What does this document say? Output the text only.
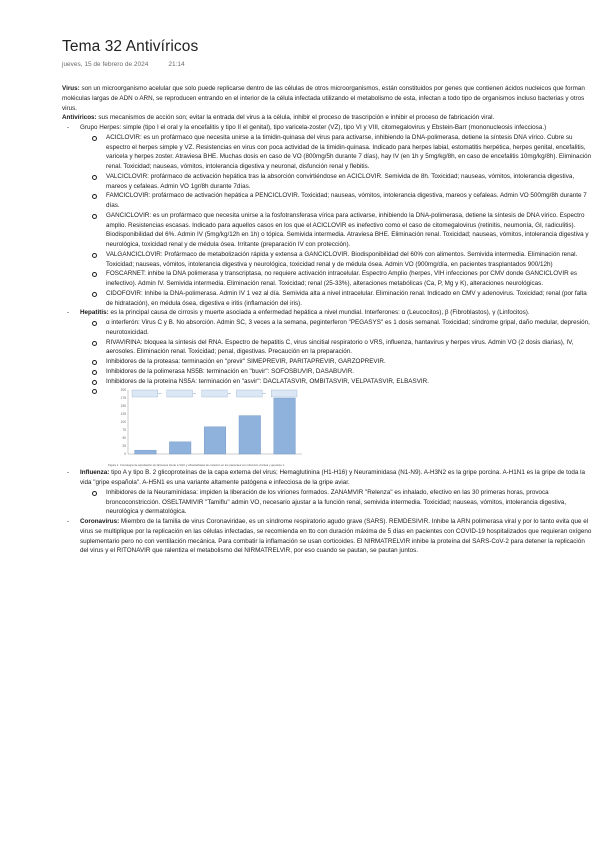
Tema 32 Antivíricos
jueves, 15 de febrero de 2024	21:14

Virus: son un microorganismo acelular que solo puede replicarse dentro de las células de otros microorganismos, están constituidos por genes que contienen ácidos nucleicos que forman moléculas largas de ADN o ARN, se reproducen entrando en el interior de la célula infectada utilizando el metabolismo de esta, infectan a todo tipo de organismos incluso bacterias y otros virus.

Antivíricos: sus mecanismos de acción son; evitar la entrada del virus a la célula, inhibir el proceso de trascripción e inhibir el proceso de fabricación viral.

- Grupo Herpes: simple (tipo I el oral y la encefalitis y tipo II el genital), tipo varicela-zoster (VZ), tipo VI y VIII, citomegalovirus y Ebstein-Barr (mononucleosis infecciosa.)
ACICLOVIR: es un profármaco que necesita unirse a la timidin-quinasa del virus para activarse, inhibiendo la DNA-polimerasa, detiene la síntesis DNA vírico. Cubre su espectro el herpes simple y VZ. Resistencias en virus con poca actividad de la timidin-quinasa. Indicado para herpes labial, estomatitis herpética, herpes genital, encefalitis, varicela y herpes zoster. Atraviesa BHE. Muchas dosis en caso de VO (800mg/5h durante 7 días), hay IV (en 1h y 5mg/kg/8h, en caso de encefalitis 10mg/kg/8h). Eliminación renal. Toxicidad; nauseas, vómitos, intolerancia digestiva y neuronal, disfunción renal y flebitis.
VALCICLOVIR: profármaco de activación hepática tras la absorción convirtiéndose en ACICLOVIR. Semivida de 8h. Toxicidad; nauseas, vómitos, intolerancia digestiva, mareos y cefaleas. Admin VO 1gr/8h durante 7días.
FAMCICLOVIR: profármaco de activación hepática a PENCICLOVIR. Toxicidad; nauseas, vómitos, intolerancia digestiva, mareos y cefaleas. Admin VO 500mg/8h durante 7 días.
GANCICLOVIR: es un profármaco que necesita unirse a la fosfotransferasa vírica para activarse, inhibiendo la DNA-polimerasa, detiene la síntesis de DNA vírico. Espectro amplio. Resistencias escasas. Indicado para aquellos casos en los que el ACICLOVIR es inefectivo como el caso de citomegalovirus (retinitis, neumonía, GI, radiculitis). Biodisponibilidad del 6%. Admin IV (5mg/kg/12h en 1h) o tópica. Semivida intermedia. Atraviesa BHE. Eliminación renal. Toxicidad; nauseas, vómitos, intolerancia digestiva y neurológica, toxicidad renal y de médula ósea. Irritante (preparación IV con protección).
VALGANCICLOVIR: Profármaco de metabolización rápida y extensa a GANCICLOVIR. Biodisponibilidad del 60% con alimentos. Semivida intermedia. Eliminación renal. Toxicidad; nauseas, vómitos, intolerancia digestiva y neurológica, toxicidad renal y de médula ósea. Admin VO (900mg/día, en pacientes trasplantados 900/12h)
FOSCARNET: inhibe la DNA polimerasa y transcriptasa, no requiere activación intracelular. Espectro Amplio (herpes, VIH infecciones por CMV donde GANCICLOVIR es inefectivo). Admin IV. Semivida intermedia. Eliminación renal. Toxicidad; renal (25-33%), alteraciones metabólicas (Ca, P, Mg y K), alteraciones neurológicas.
CIDOFOVIR: Inhibe la DNA-polimerasa. Admin IV 1 vez al día. Semivida alta a nivel intracelular. Eliminación renal. Indicado en CMV y adenovirus. Toxicidad; renal (por falta de hidratación), en médula ósea, digestiva e iritis (inflamación del iris).
- Hepatitis: es la principal causa de cirrosis y muerte asociada a enfermedad hepática a nivel mundial. Interferones: α (Leucocitos), β (Fibroblastos), γ (Linfocitos).
α interferón: Virus C y B. No absorción. Admin SC, 3 veces a la semana, peginterferon "PEGASYS" es 1 dosis semanal. Toxicidad; síndrome gripal, daño medular, depresión, neurotoxicidad.
RIVAVIRINA: bloquea la síntesis del RNA. Espectro de hepatitis C, virus sincitial respiratorio o VRS, influenza, hantavirus y herpes virus. Admin VO (2 dosis diarias), IV, aerosoles. Eliminación renal. Toxicidad; penal, digestivas. Precaución en la preparación.
Inhibidores de la proteasa: terminación en "previr" SIMEPREVIR, PARITAPREVIR, GARZOPREVIR.
Inhibidores de la polimerasa NS5B: terminación en "buvir": SOFOSBUVIR, DASABUVIR.
Inhibidores de la proteína NS5A: terminación en "asvir": DACLATASVIR, OMBITASVIR, VELPATASVIR, ELBASVIR.
200
175
150
125
100
75
50
25
0
Figura 1. Cronología de aprobación de fármacos frente a VHC y eficacia/tasas de curación en los pacientes con infección crónica y genotipo 1.
- Influenza: tipo A y tipo B. 2 glicoproteínas de la capa externa del virus; Hemaglutinina (H1-H16) y Neuraminidasa (N1-N9). A-H3N2 es la gripe porcina. A-H1N1 es la gripe de toda la vida "gripe española". A-H5N1 es una variante altamente patógena e infecciosa de la gripe aviar.
Inhibidores de la Neuraminidasa: impiden la liberación de los viriones formados. ZANAMVIR "Relenza" es inhalado, efectivo en las 30 primeras horas, provoca broncoconstricción. OSELTAMIVIR "Tamiflu" admin VO, necesario ajustar a la función renal, semivida intermedia. Toxicidad; nauseas, vómitos, intolerancia digestiva, neurológica y dermatológica.
- Coronavirus: Miembro de la familia de virus Coronaviridae, es un síndrome respiratorio agudo grave (SARS). REMDESIVIR. Inhibe la ARN polimerasa viral y por lo tanto evita que el virus se multiplique por la replicación en las células infectadas, se recomienda en tto con duración máxima de 5 días en pacientes con COVID-19 hospitalizados que requieran oxígeno suplementario pero no con ventilación mecánica. Para combatir la inflamación se usan corticoides. El NIRMATRELVIR inhibe la proteína del SARS-CoV-2 para detener la replicación del virus y el RITONAVIR que ralentiza el metabolismo del NIRMATRELVIR, por eso cuando se pautan, se pautan juntos.
